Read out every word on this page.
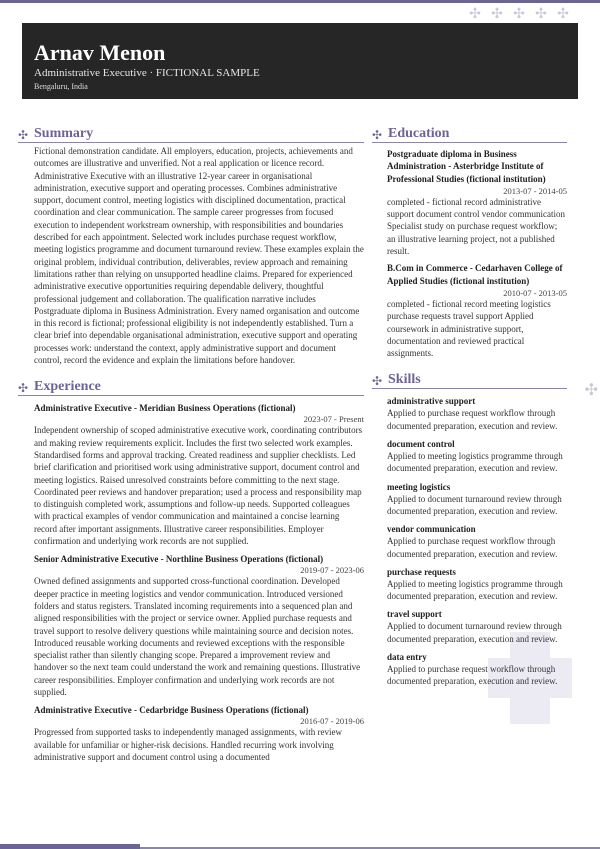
✣ ✣ ✣ ✣ ✣
✣
Arnav Menon
Administrative Executive · FICTIONAL SAMPLE
Bengaluru, India
✣ Summary
Fictional demonstration candidate. All employers, education, projects, achievements and outcomes are illustrative and unverified. Not a real application or licence record. Administrative Executive with an illustrative 12-year career in organisational administration, executive support and operating processes. Combines administrative support, document control, meeting logistics with disciplined documentation, practical coordination and clear communication. The sample career progresses from focused execution to independent workstream ownership, with responsibilities and boundaries described for each appointment. Selected work includes purchase request workflow, meeting logistics programme and document turnaround review. These examples explain the original problem, individual contribution, deliverables, review approach and remaining limitations rather than relying on unsupported headline claims. Prepared for experienced administrative executive opportunities requiring dependable delivery, thoughtful professional judgement and collaboration. The qualification narrative includes Postgraduate diploma in Business Administration. Every named organisation and outcome in this record is fictional; professional eligibility is not independently established. Turn a clear brief into dependable organisational administration, executive support and operating processes work: understand the context, apply administrative support and document control, record the evidence and explain the limitations before handover.
✣ Experience
Administrative Executive - Meridian Business Operations (fictional)
2023-07 - Present
Independent ownership of scoped administrative executive work, coordinating contributors and making review requirements explicit. Includes the first two selected work examples. Standardised forms and approval tracking. Created readiness and supplier checklists. Led brief clarification and prioritised work using administrative support, document control and meeting logistics. Raised unresolved constraints before committing to the next stage. Coordinated peer reviews and handover preparation; used a process and responsibility map to distinguish completed work, assumptions and follow-up needs. Supported colleagues with practical examples of vendor communication and maintained a concise learning record after important assignments. Illustrative career responsibilities. Employer confirmation and underlying work records are not supplied.
Senior Administrative Executive - Northline Business Operations (fictional)
2019-07 - 2023-06
Owned defined assignments and supported cross-functional coordination. Developed deeper practice in meeting logistics and vendor communication. Introduced versioned folders and status registers. Translated incoming requirements into a sequenced plan and aligned responsibilities with the project or service owner. Applied purchase requests and travel support to resolve delivery questions while maintaining source and decision notes. Introduced reusable working documents and reviewed exceptions with the responsible specialist rather than silently changing scope. Prepared a improvement review and handover so the next team could understand the work and remaining questions. Illustrative career responsibilities. Employer confirmation and underlying work records are not supplied.
Administrative Executive - Cedarbridge Business Operations (fictional)
2016-07 - 2019-06
Progressed from supported tasks to independently managed assignments, with review available for unfamiliar or higher-risk decisions. Handled recurring work involving administrative support and document control using a documented
✣ Education
Postgraduate diploma in Business Administration - Asterbridge Institute of Professional Studies (fictional institution)
2013-07 - 2014-05
completed - fictional record administrative support document control vendor communication Specialist study on purchase request workflow; an illustrative learning project, not a published result.
B.Com in Commerce - Cedarhaven College of Applied Studies (fictional institution)
2010-07 - 2013-05
completed - fictional record meeting logistics purchase requests travel support Applied coursework in administrative support, documentation and reviewed practical assignments.
✣ Skills
administrative support
Applied to purchase request workflow through documented preparation, execution and review.
document control
Applied to meeting logistics programme through documented preparation, execution and review.
meeting logistics
Applied to document turnaround review through documented preparation, execution and review.
vendor communication
Applied to purchase request workflow through documented preparation, execution and review.
purchase requests
Applied to meeting logistics programme through documented preparation, execution and review.
travel support
Applied to document turnaround review through documented preparation, execution and review.
data entry
Applied to purchase request workflow through documented preparation, execution and review.
